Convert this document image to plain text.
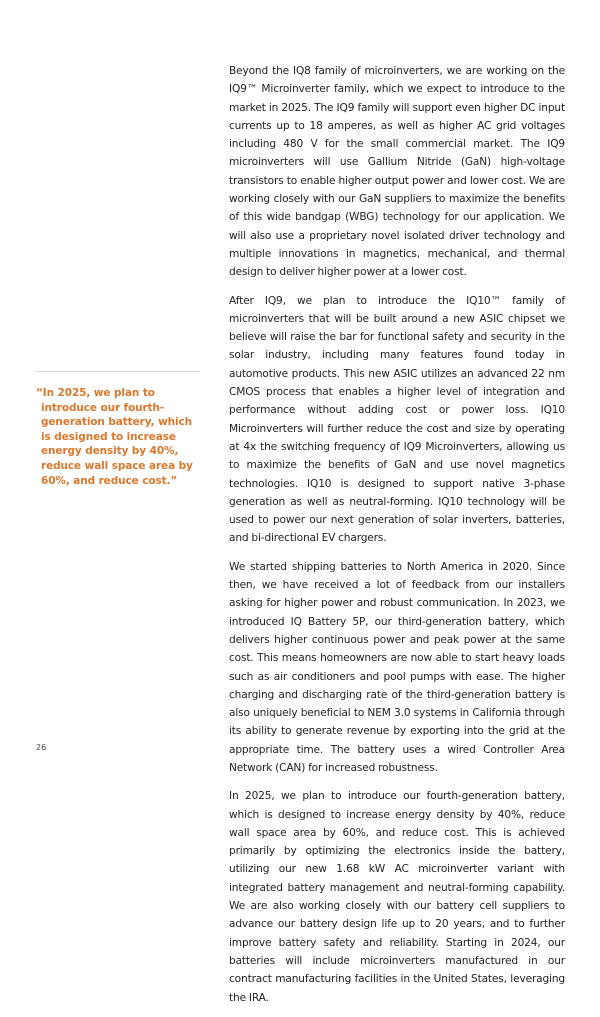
Beyond the IQ8 family of microinverters, we are working on the IQ9™ Microinverter family, which we expect to introduce to the market in 2025. The IQ9 family will support even higher DC input currents up to 18 amperes, as well as higher AC grid voltages including 480 V for the small commercial market. The IQ9 microinverters will use Gallium Nitride (GaN) high-voltage transistors to enable higher output power and lower cost. We are working closely with our GaN suppliers to maximize the benefits of this wide bandgap (WBG) technology for our application. We will also use a proprietary novel isolated driver technology and multiple innovations in magnetics, mechanical, and thermal design to deliver higher power at a lower cost.

After IQ9, we plan to introduce the IQ10™ family of microinverters that will be built around a new ASIC chipset we believe will raise the bar for functional safety and security in the solar industry, including many features found today in automotive products. This new ASIC utilizes an advanced 22 nm CMOS process that enables a higher level of integration and performance without adding cost or power loss. IQ10 Microinverters will further reduce the cost and size by operating at 4x the switching frequency of IQ9 Microinverters, allowing us to maximize the benefits of GaN and use novel magnetics technologies. IQ10 is designed to support native 3-phase generation as well as neutral-forming. IQ10 technology will be used to power our next generation of solar inverters, batteries, and bi-directional EV chargers.

We started shipping batteries to North America in 2020. Since then, we have received a lot of feedback from our installers asking for higher power and robust communication. In 2023, we introduced IQ Battery 5P, our third-generation battery, which delivers higher continuous power and peak power at the same cost. This means homeowners are now able to start heavy loads such as air conditioners and pool pumps with ease. The higher charging and discharging rate of the third-generation battery is also uniquely beneficial to NEM 3.0 systems in California through its ability to generate revenue by exporting into the grid at the appropriate time. The battery uses a wired Controller Area Network (CAN) for increased robustness.

In 2025, we plan to introduce our fourth-generation battery, which is designed to increase energy density by 40%, reduce wall space area by 60%, and reduce cost. This is achieved primarily by optimizing the electronics inside the battery, utilizing our new 1.68 kW AC microinverter variant with integrated battery management and neutral-forming capability. We are also working closely with our battery cell suppliers to advance our battery design life up to 20 years, and to further improve battery safety and reliability. Starting in 2024, our batteries will include microinverters manufactured in our contract manufacturing facilities in the United States, leveraging the IRA.

“In 2025, we plan to introduce our fourth-generation battery, which is designed to increase energy density by 40%, reduce wall space area by 60%, and reduce cost.”

26
